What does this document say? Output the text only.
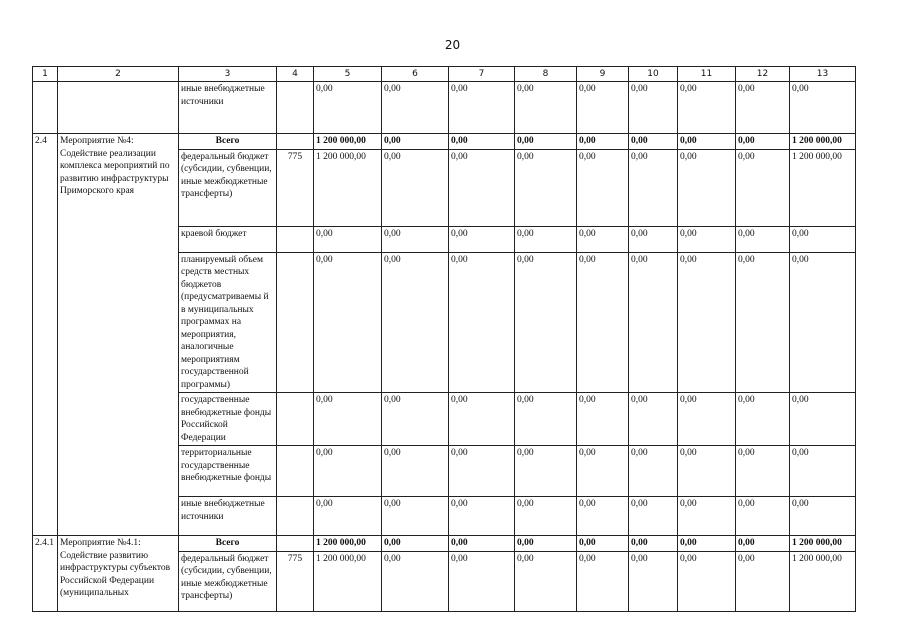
20
1	2	3	4	5	6	7	8	9	10	11	12	13
		иные внебюджетные источники		0,00	0,00	0,00	0,00	0,00	0,00	0,00	0,00	0,00
2.4	Мероприятие №4: Содействие реализации комплекса мероприятий по развитию инфраструктуры Приморского края	Всего		1 200 000,00	0,00	0,00	0,00	0,00	0,00	0,00	0,00	1 200 000,00
		федеральный бюджет (субсидии, субвенции, иные межбюджетные трансферты)	775	1 200 000,00	0,00	0,00	0,00	0,00	0,00	0,00	0,00	1 200 000,00
		краевой бюджет		0,00	0,00	0,00	0,00	0,00	0,00	0,00	0,00	0,00
		планируемый объем средств местных бюджетов (предусматриваемы й в муниципальных программах на мероприятия, аналогичные мероприятиям государственной программы)		0,00	0,00	0,00	0,00	0,00	0,00	0,00	0,00	0,00
		государственные внебюджетные фонды Российской Федерации		0,00	0,00	0,00	0,00	0,00	0,00	0,00	0,00	0,00
		территориальные государственные внебюджетные фонды		0,00	0,00	0,00	0,00	0,00	0,00	0,00	0,00	0,00
		иные внебюджетные источники		0,00	0,00	0,00	0,00	0,00	0,00	0,00	0,00	0,00
2.4.1	Мероприятие №4.1: Содействие развитию инфраструктуры субъектов Российской Федерации (муниципальных	Всего		1 200 000,00	0,00	0,00	0,00	0,00	0,00	0,00	0,00	1 200 000,00
		федеральный бюджет (субсидии, субвенции, иные межбюджетные трансферты)	775	1 200 000,00	0,00	0,00	0,00	0,00	0,00	0,00	0,00	1 200 000,00
